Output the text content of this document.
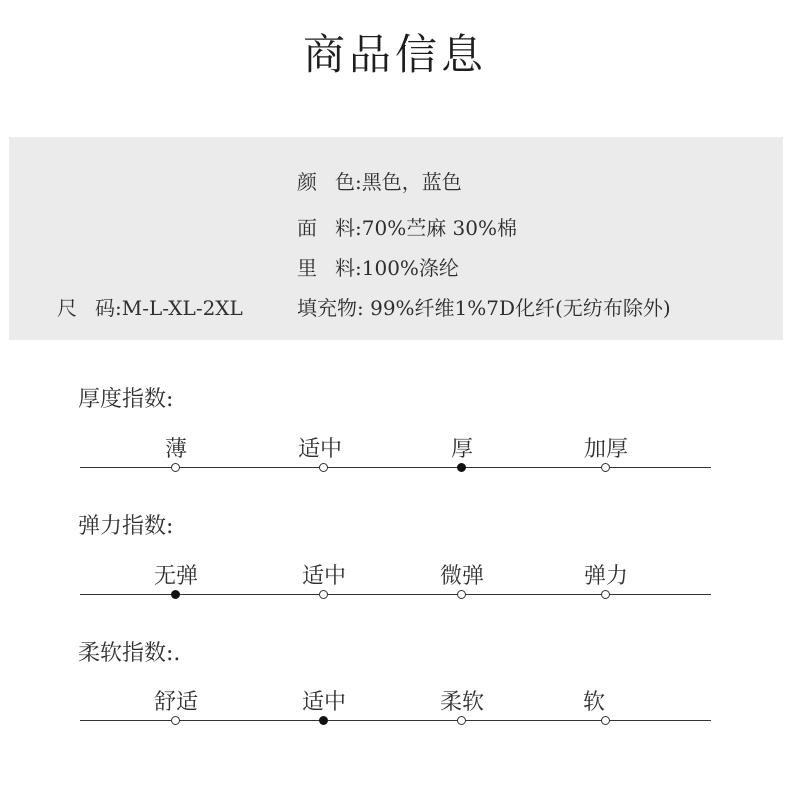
商品信息
颜色:黑色，蓝色
面料:70%苎麻 30%棉
里料:100%涤纶
填充物: 99%纤维1%7D化纤(无纺布除外)
尺码:M-L-XL-2XL
厚度指数:
薄	适中	厚	加厚
弹力指数:
无弹	适中	微弹	弹力
柔软指数:.
舒适	适中	柔软	软
